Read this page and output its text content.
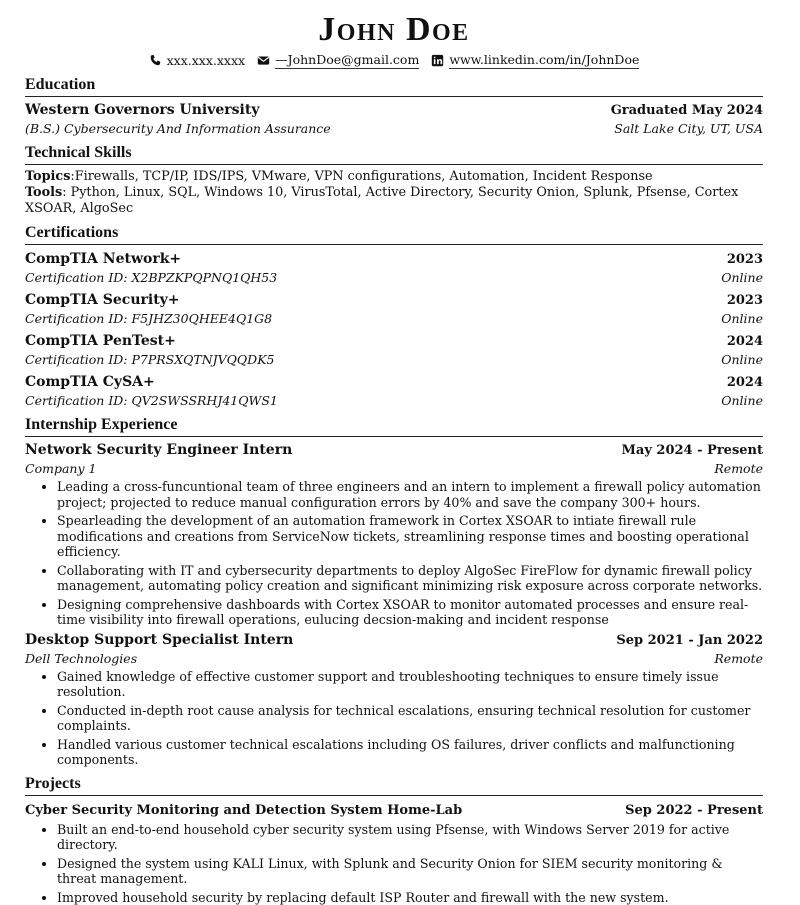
John Doe
xxx.xxx.xxxx —JohnDoe@gmail.com www.linkedin.com/in/JohnDoe
Education
Western Governors University	Graduated May 2024
(B.S.) Cybersecurity And Information Assurance	Salt Lake City, UT, USA
Technical Skills
Topics:Firewalls, TCP/IP, IDS/IPS, VMware, VPN configurations, Automation, Incident Response
Tools: Python, Linux, SQL, Windows 10, VirusTotal, Active Directory, Security Onion, Splunk, Pfsense, Cortex XSOAR, AlgoSec
Certifications
CompTIA Network+	2023
Certification ID: X2BPZKPQPNQ1QH53	Online
CompTIA Security+	2023
Certification ID: F5JHZ30QHEE4Q1G8	Online
CompTIA PenTest+	2024
Certification ID: P7PRSXQTNJVQQDK5	Online
CompTIA CySA+	2024
Certification ID: QV2SWSSRHJ41QWS1	Online
Internship Experience
Network Security Engineer Intern	May 2024 - Present
Company 1	Remote
• Leading a cross-funcuntional team of three engineers and an intern to implement a firewall policy automation project; projected to reduce manual configuration errors by 40% and save the company 300+ hours.
• Spearleading the development of an automation framework in Cortex XSOAR to intiate firewall rule modifications and creations from ServiceNow tickets, streamlining response times and boosting operational efficiency.
• Collaborating with IT and cybersecurity departments to deploy AlgoSec FireFlow for dynamic firewall policy management, automating policy creation and significant minimizing risk exposure across corporate networks.
• Designing comprehensive dashboards with Cortex XSOAR to monitor automated processes and ensure real-time visibility into firewall operations, eulucing decsion-making and incident response
Desktop Support Specialist Intern	Sep 2021 - Jan 2022
Dell Technologies	Remote
• Gained knowledge of effective customer support and troubleshooting techniques to ensure timely issue resolution.
• Conducted in-depth root cause analysis for technical escalations, ensuring technical resolution for customer complaints.
• Handled various customer technical escalations including OS failures, driver conflicts and malfunctioning components.
Projects
Cyber Security Monitoring and Detection System Home-Lab	Sep 2022 - Present
• Built an end-to-end household cyber security system using Pfsense, with Windows Server 2019 for active directory.
• Designed the system using KALI Linux, with Splunk and Security Onion for SIEM security monitoring & threat management.
• Improved household security by replacing default ISP Router and firewall with the new system.
